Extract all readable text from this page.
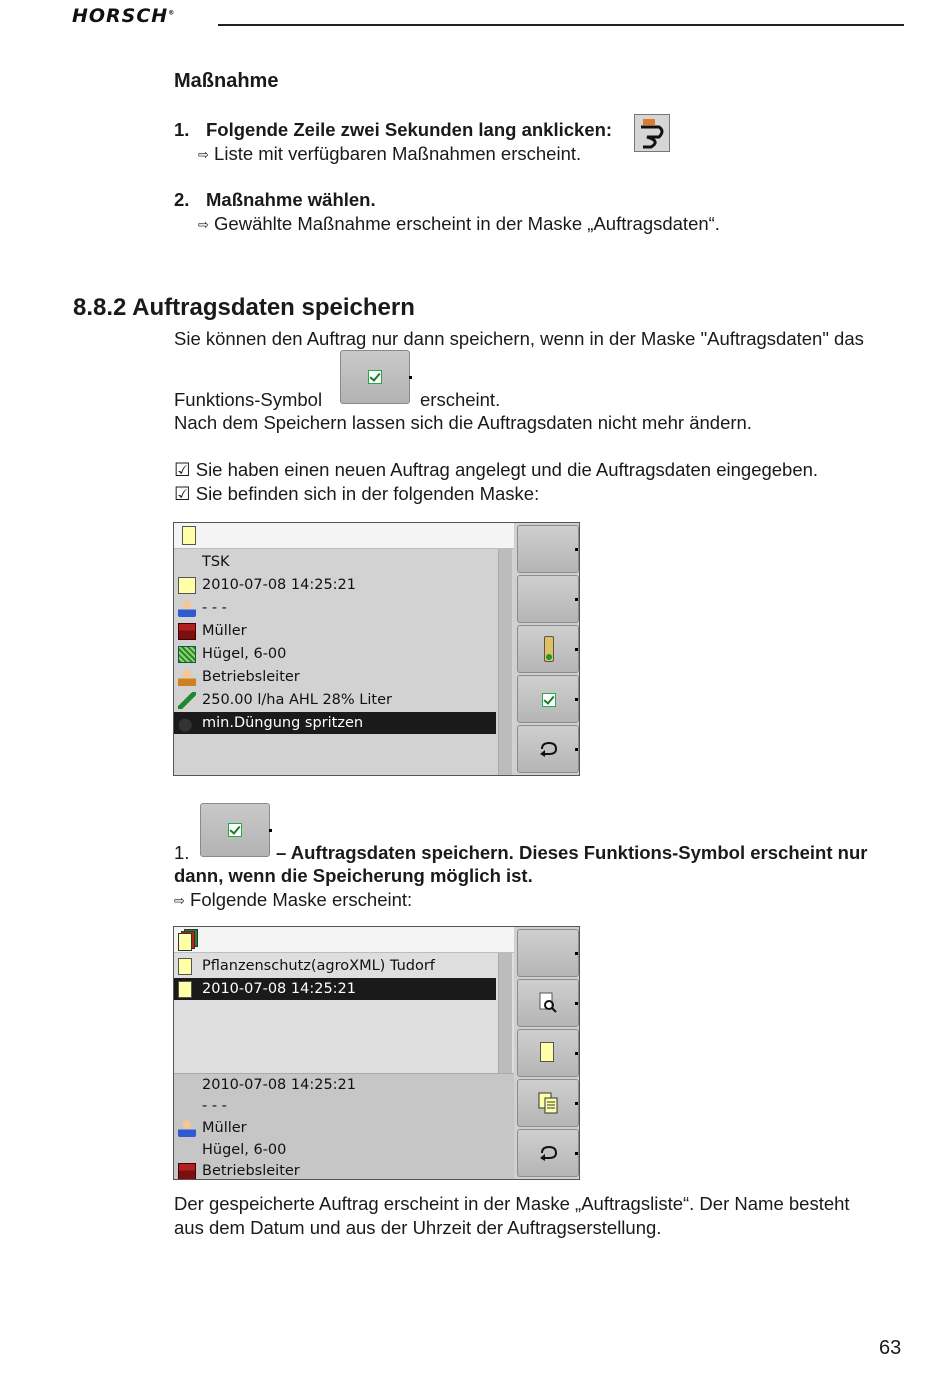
HORSCH®
Maßnahme
1. Folgende Zeile zwei Sekunden lang anklicken:
⇨ Liste mit verfügbaren Maßnahmen erscheint.
2. Maßnahme wählen.
⇨ Gewählte Maßnahme erscheint in der Maske „Auftragsdaten“.
8.8.2 Auftragsdaten speichern
Sie können den Auftrag nur dann speichern, wenn in der Maske "Auftragsdaten" das
Funktions-Symbol	erscheint.
Nach dem Speichern lassen sich die Auftragsdaten nicht mehr ändern.
☑ Sie haben einen neuen Auftrag angelegt und die Auftragsdaten eingegeben.
☑ Sie befinden sich in der folgenden Maske:
TSK
2010-07-08 14:25:21
- - -
Müller
Hügel, 6-00
Betriebsleiter
250.00 l/ha AHL 28% Liter
min.Düngung spritzen
1.	– Auftragsdaten speichern. Dieses Funktions-Symbol erscheint nur
dann, wenn die Speicherung möglich ist.
⇨ Folgende Maske erscheint:
Pflanzenschutz(agroXML) Tudorf
2010-07-08 14:25:21
2010-07-08 14:25:21
- - -
Müller
Hügel, 6-00
Betriebsleiter
Der gespeicherte Auftrag erscheint in der Maske „Auftragsliste“. Der Name besteht
aus dem Datum und aus der Uhrzeit der Auftragserstellung.
63
